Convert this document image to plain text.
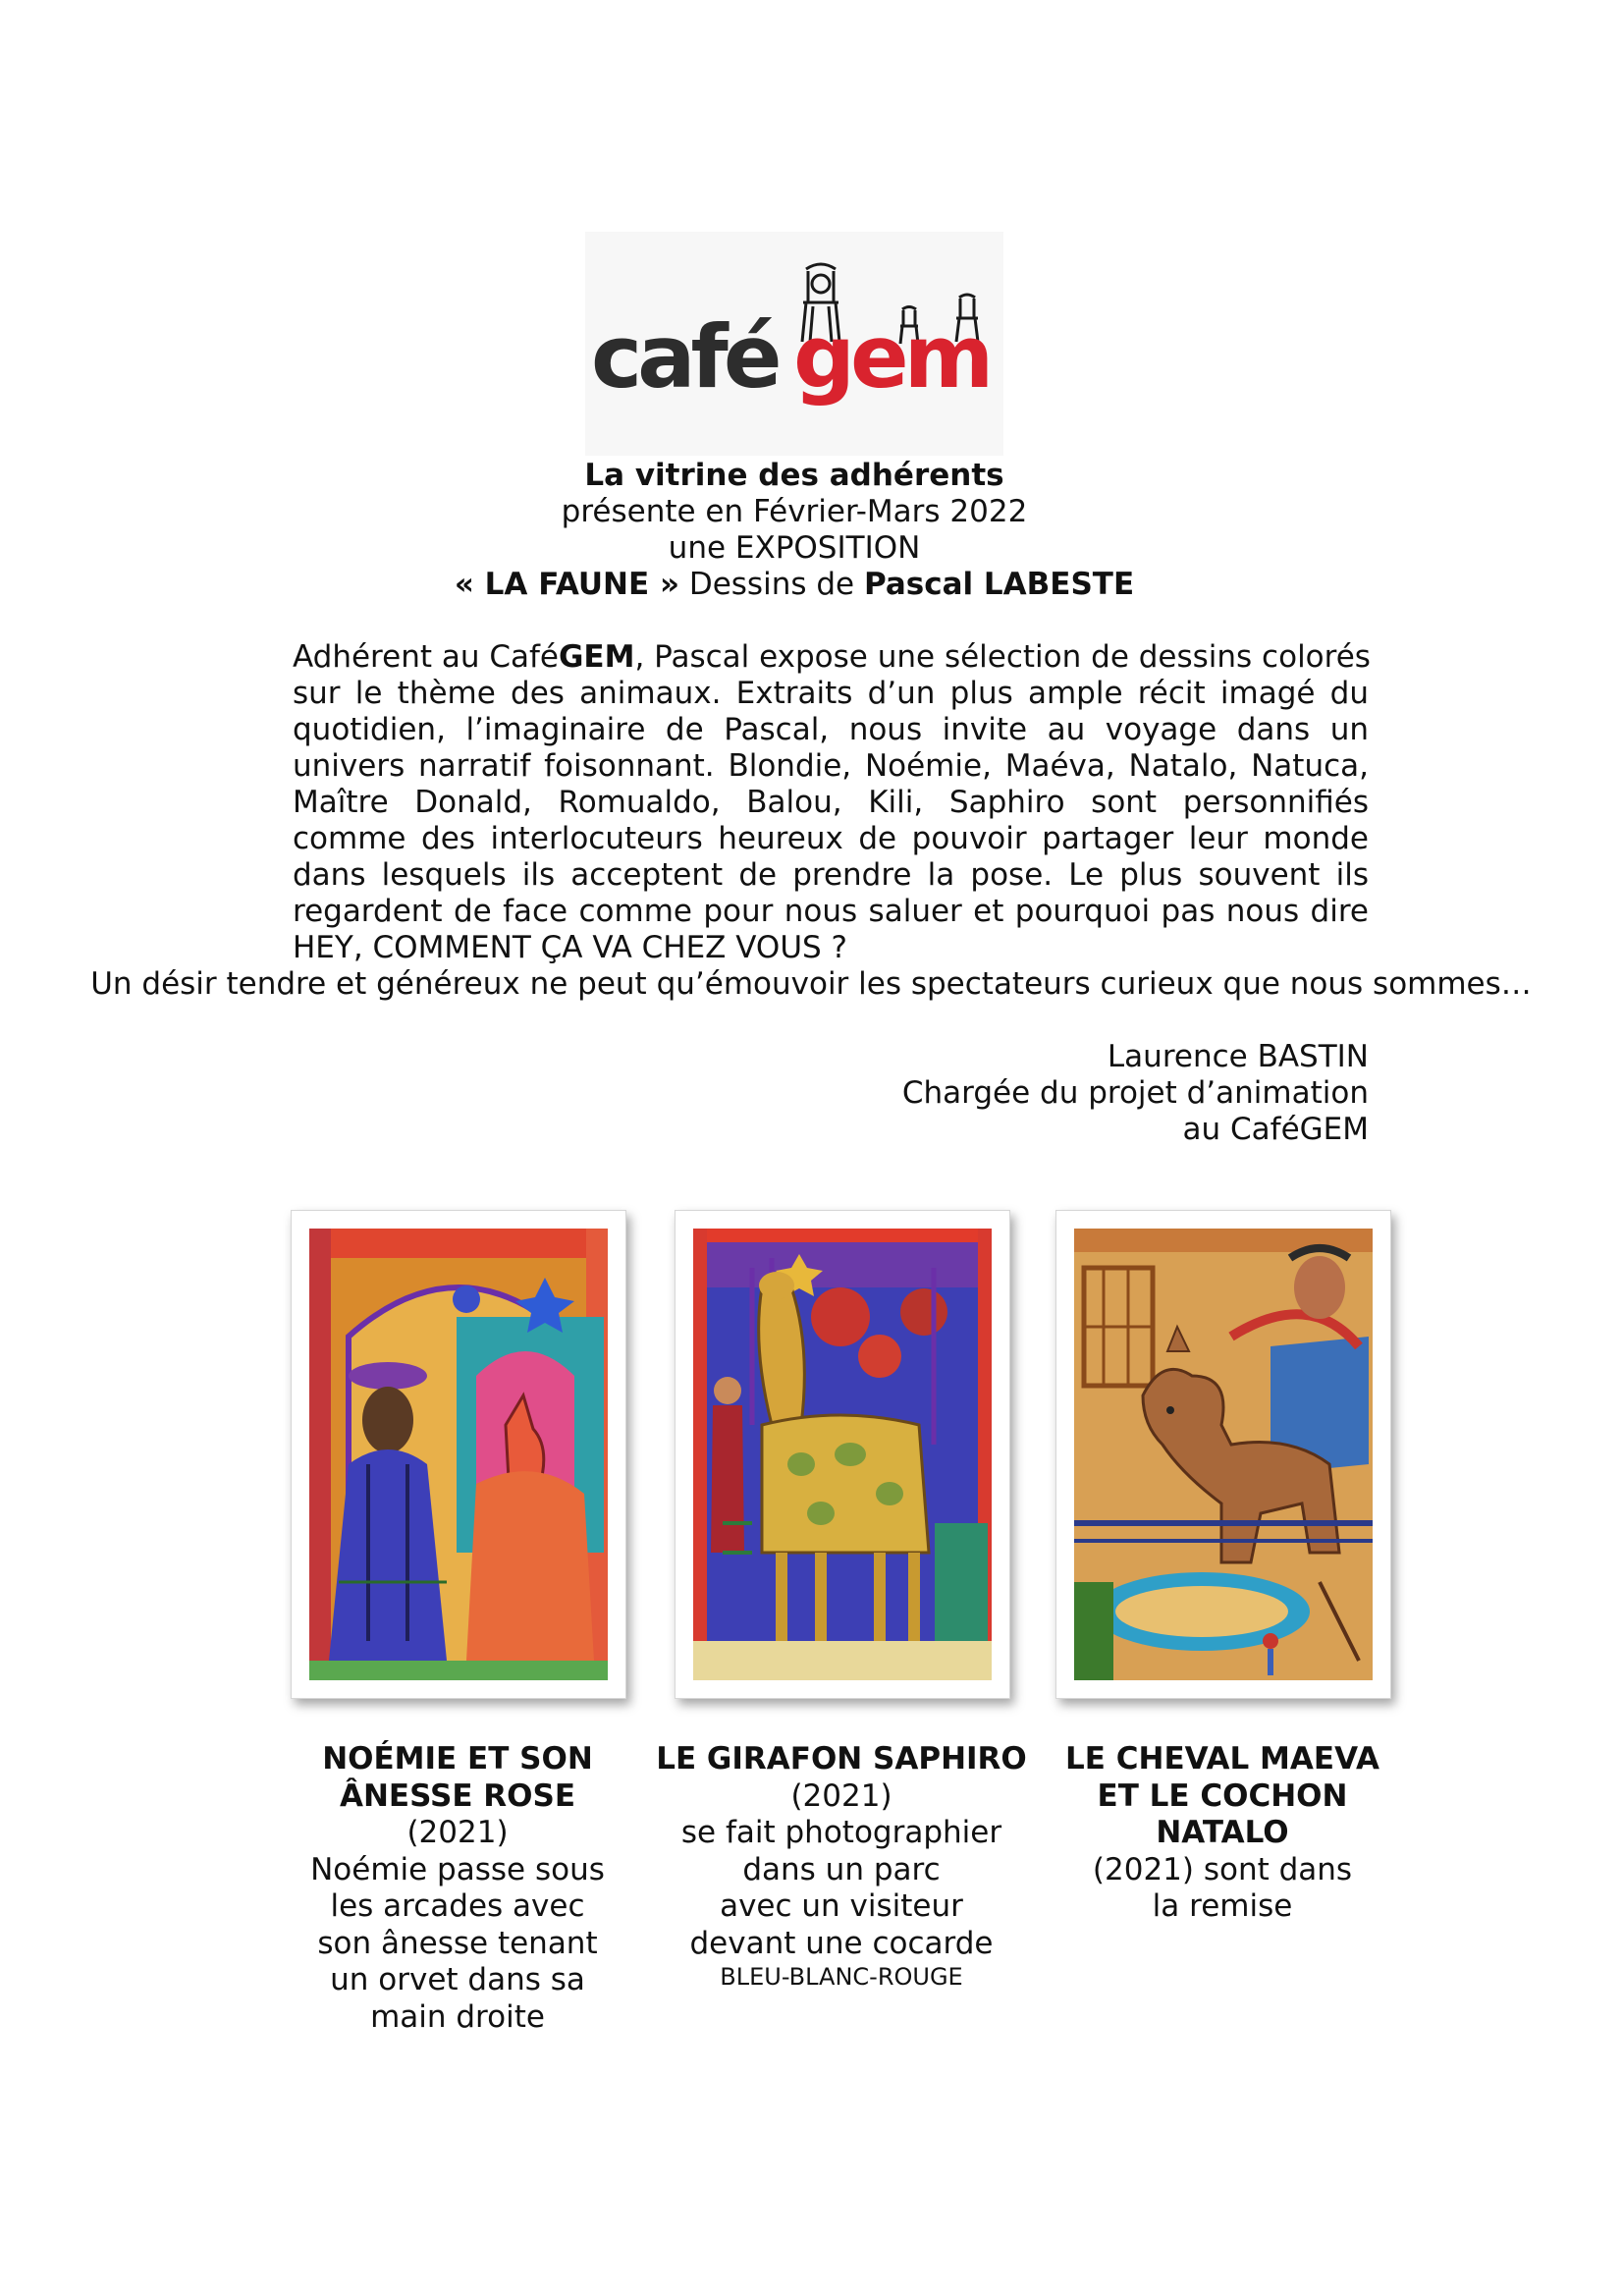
café gem
La vitrine des adhérents
présente en Février-Mars 2022
une EXPOSITION
« LA FAUNE » Dessins de Pascal LABESTE
Adhérent au CaféGEM, Pascal expose une sélection de dessins colorés
sur le thème des animaux. Extraits d’un plus ample récit imagé du
quotidien, l’imaginaire de Pascal, nous invite au voyage dans un
univers narratif foisonnant. Blondie, Noémie, Maéva, Natalo, Natuca,
Maître Donald, Romualdo, Balou, Kili, Saphiro sont personnifiés
comme des interlocuteurs heureux de pouvoir partager leur monde
dans lesquels ils acceptent de prendre la pose. Le plus souvent ils
regardent de face comme pour nous saluer et pourquoi pas nous dire
HEY, COMMENT ÇA VA CHEZ VOUS ?
Un désir tendre et généreux ne peut qu’émouvoir les spectateurs curieux que nous sommes…
Laurence BASTIN
Chargée du projet d’animation
au CaféGEM
NOÉMIE ET SON
ÂNESSE ROSE
(2021)
Noémie passe sous
les arcades avec
son ânesse tenant
un orvet dans sa
main droite
LE GIRAFON SAPHIRO
(2021)
se fait photographier
dans un parc
avec un visiteur
devant une cocarde
BLEU-BLANC-ROUGE
LE CHEVAL MAEVA
ET LE COCHON
NATALO
(2021) sont dans
la remise
